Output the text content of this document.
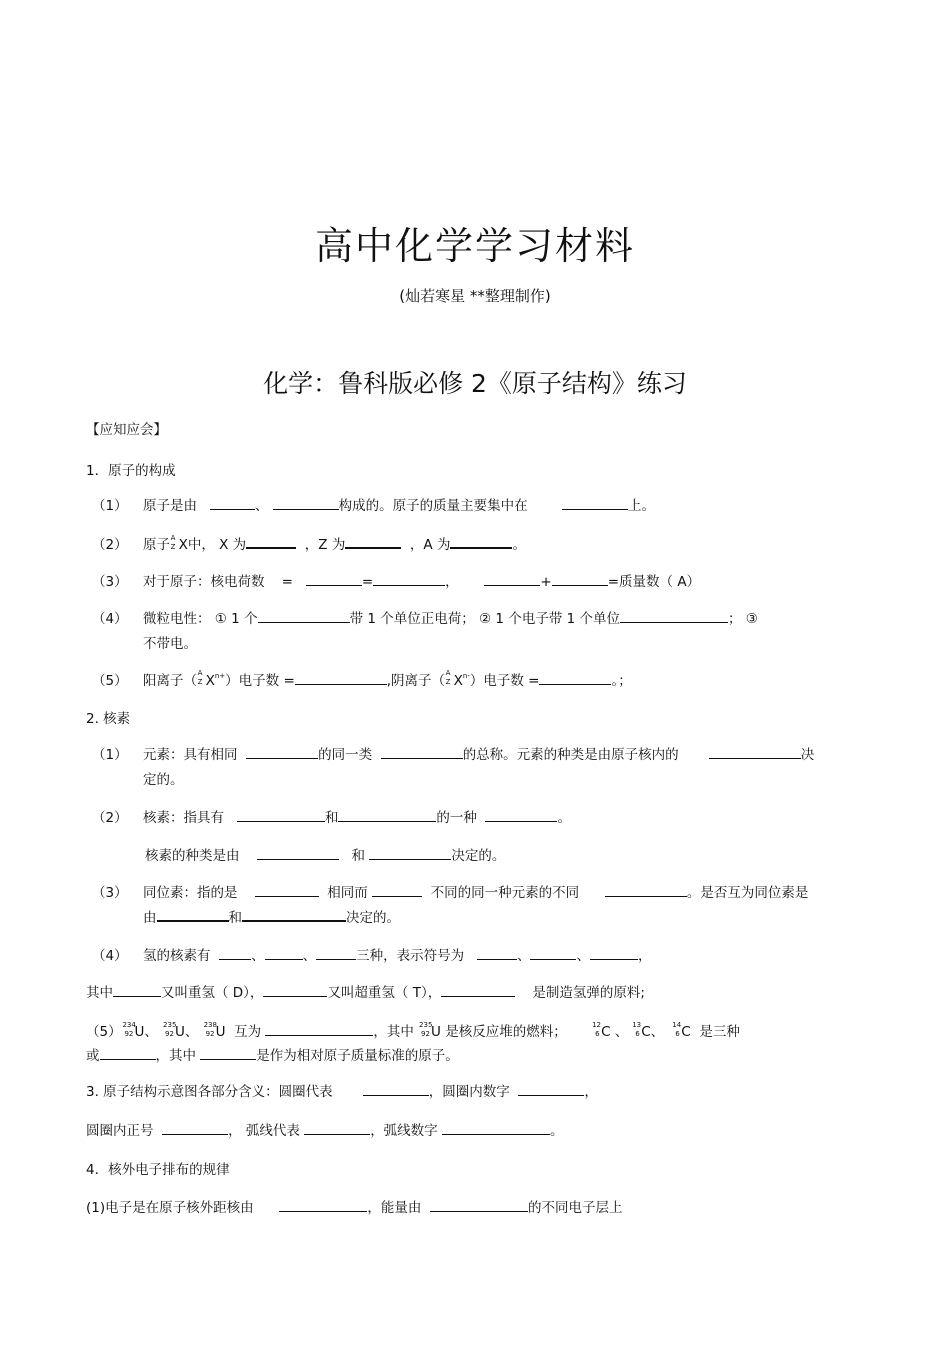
高中化学学习材料
(灿若寒星 **整理制作)
化学：鲁科版必修 2《原子结构》练习
【应知应会】
1．原子的构成
（1） 原子是由	、	构成的。原子的质量主要集中在	上。
（2） 原子 A
Z X中， X 为	，Z 为	，A 为	。
（3） 对于原子：核电荷数 =	=	，	+	=质量数（ A）
（4） 微粒电性： ① 1 个	带 1 个单位正电荷； ② 1 个电子带 1 个单位	； ③
不带电。
（5） 阳离子（ A
Z $X^{n+}$）电子数 =	,阴离子（ A
Z $X^{n-}$）电子数 =	。；
2. 核素
（1） 元素：具有相同	的同一类	的总称。元素的种类是由原子核内的	决
定的。
（2） 核素：指具有	和	的一种	。
核素的种类是由	和	决定的。
（3） 同位素：指的是	相同而	不同的同一种元素的不同	。是否互为同位素是
由	和	决定的。
（4） 氢的核素有	、	、	三种，表示符号为	、	、	，
其中	又叫重氢（ D），	又叫超重氢（ T），	是制造氢弹的原料;
（5） 234
92 U、 235
92 U、 238
92 U 互为	，其中 235
92 U 是核反应堆的燃料；	12
6 C 、 13
6 C、 14
6 C 是三种
或	，其中	是作为相对原子质量标准的原子。
3. 原子结构示意图各部分含义：圆圈代表	，圆圈内数字	，
圆圈内正号	， 弧线代表	，弧线数字	。
4．核外电子排布的规律
(1)电子是在原子核外距核由	，能量由	的不同电子层上
